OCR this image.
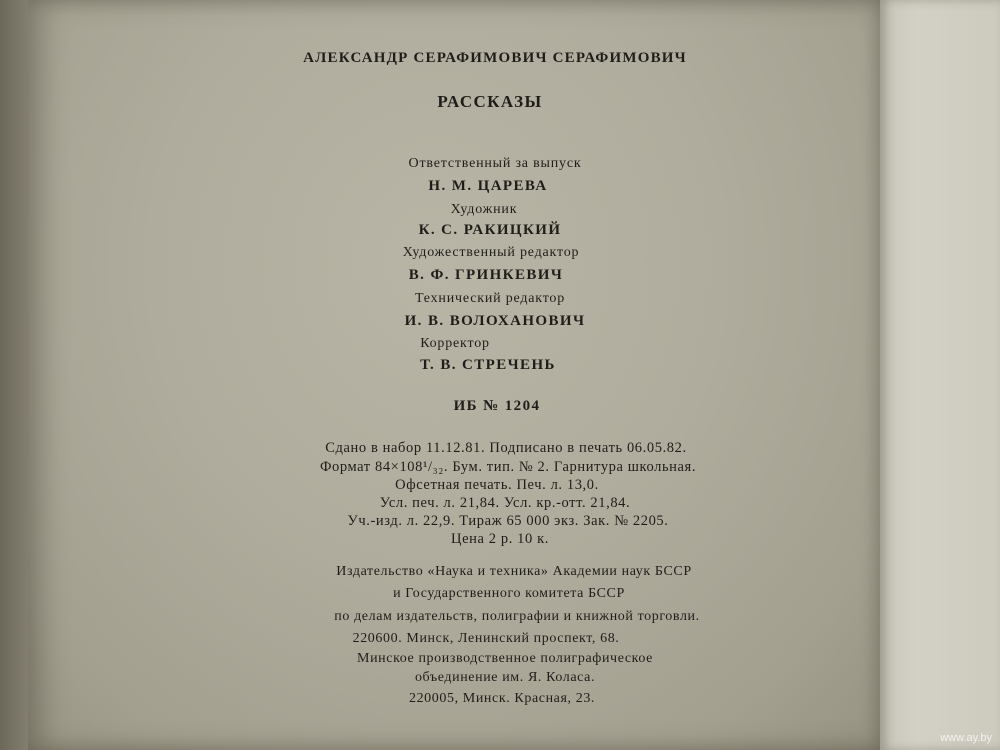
АЛЕКСАНДР СЕРАФИМОВИЧ СЕРАФИМОВИЧ
РАССКАЗЫ
Ответственный за выпуск
Н. М. ЦАРЕВА
Художник
К. С. РАКИЦКИЙ
Художественный редактор
В. Ф. ГРИНКЕВИЧ
Технический редактор
И. В. ВОЛОХАНОВИЧ
Корректор
Т. В. СТРЕЧЕНЬ
ИБ № 1204
Сдано в набор 11.12.81. Подписано в печать 06.05.82.
Формат 84×108¹/₃₂. Бум. тип. № 2. Гарнитура школьная.
Офсетная печать. Печ. л. 13,0.
Усл. печ. л. 21,84. Усл. кр.-отт. 21,84.
Уч.-изд. л. 22,9. Тираж 65 000 экз. Зак. № 2205.
Цена 2 р. 10 к.
Издательство «Наука и техника» Академии наук БССР
и Государственного комитета БССР
по делам издательств, полиграфии и книжной торговли.
220600. Минск, Ленинский проспект, 68.
Минское производственное полиграфическое
объединение им. Я. Коласа.
220005, Минск. Красная, 23.
www.ay.by
